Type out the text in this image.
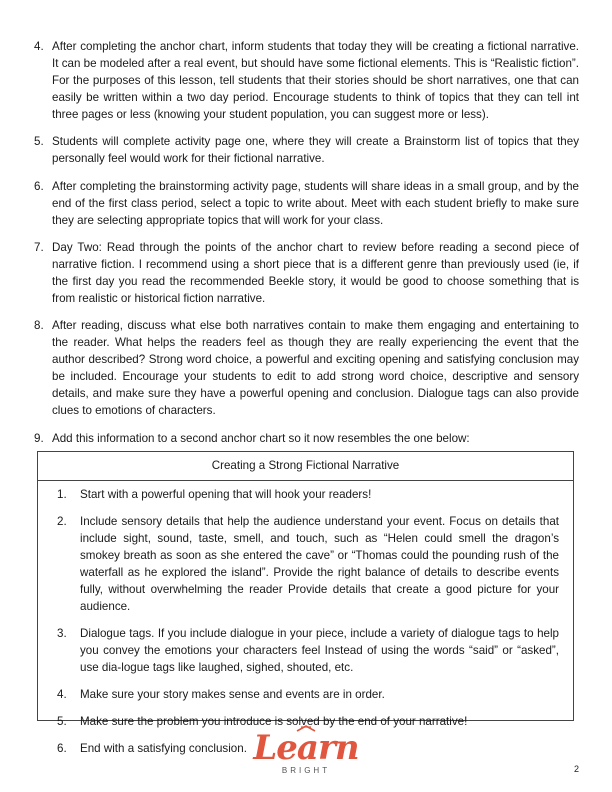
4. After completing the anchor chart, inform students that today they will be creating a fictional narrative. It can be modeled after a real event, but should have some fictional elements. This is “Realistic fiction”. For the purposes of this lesson, tell students that their stories should be short narratives, one that can easily be written within a two day period. Encourage students to think of topics that they can tell int three pages or less (knowing your student population, you can suggest more or less).
5. Students will complete activity page one, where they will create a Brainstorm list of topics that they personally feel would work for their fictional narrative.
6. After completing the brainstorming activity page, students will share ideas in a small group, and by the end of the first class period, select a topic to write about. Meet with each student briefly to make sure they are selecting appropriate topics that will work for your class.
7. Day Two: Read through the points of the anchor chart to review before reading a second piece of narrative fiction. I recommend using a short piece that is a different genre than previously used (ie, if the first day you read the recommended Beekle story, it would be good to choose something that is from realistic or historical fiction narrative.
8. After reading, discuss what else both narratives contain to make them engaging and entertaining to the reader. What helps the readers feel as though they are really experiencing the event that the author described? Strong word choice, a powerful and exciting opening and satisfying conclusion may be included. Encourage your students to edit to add strong word choice, descriptive and sensory details, and make sure they have a powerful opening and conclusion. Dialogue tags can also provide clues to emotions of characters.
9. Add this information to a second anchor chart so it now resembles the one below:
Creating a Strong Fictional Narrative
1.	Start with a powerful opening that will hook your readers!
2.	Include sensory details that help the audience understand your event. Focus on details that include sight, sound, taste, smell, and touch, such as “Helen could smell the dragon’s smokey breath as soon as she entered the cave” or “Thomas could the pounding rush of the waterfall as he explored the island”. Provide the right balance of details to describe events fully, without overwhelming the reader Provide details that create a good picture for your audience.
3.	Dialogue tags. If you include dialogue in your piece, include a variety of dialogue tags to help you convey the emotions your characters feel Instead of using the words “said” or “asked”, use dia-logue tags like laughed, sighed, shouted, etc.
4.	Make sure your story makes sense and events are in order.
5.	Make sure the problem you introduce is solved by the end of your narrative!
6.	End with a satisfying conclusion. Learn
BRIGHT	2
